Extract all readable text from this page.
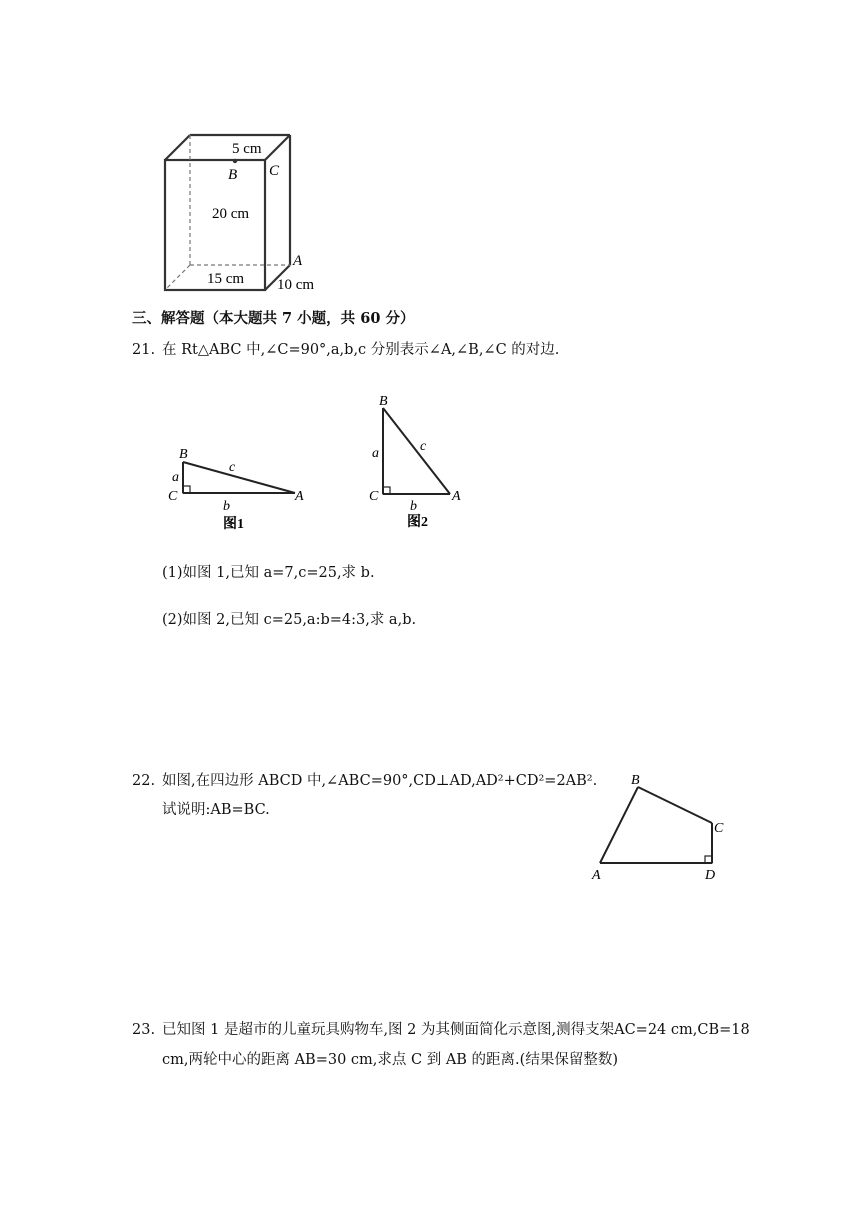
5 cm
C
B
20 cm
A
15 cm 10 cm
三、解答题（本大题共 7 小题，共 60 分）
21. 在 Rt△ABC 中,∠C=90°,a,b,c 分别表示∠A,∠B,∠C 的对边.
B
a
c
C
b
A
图1
B
c
a
C
b
A
图2
(1)如图 1,已知 a=7,c=25,求 b.
(2)如图 2,已知 c=25,a:b=4:3,求 a,b.
22. 如图,在四边形 ABCD 中,∠ABC=90°,CD⊥AD,AD²+CD²=2AB².
试说明:AB=BC.
B
C
A	D
23. 已知图 1 是超市的儿童玩具购物车,图 2 为其侧面简化示意图,测得支架AC=24 cm,CB=18
cm,两轮中心的距离 AB=30 cm,求点 C 到 AB 的距离.(结果保留整数)
